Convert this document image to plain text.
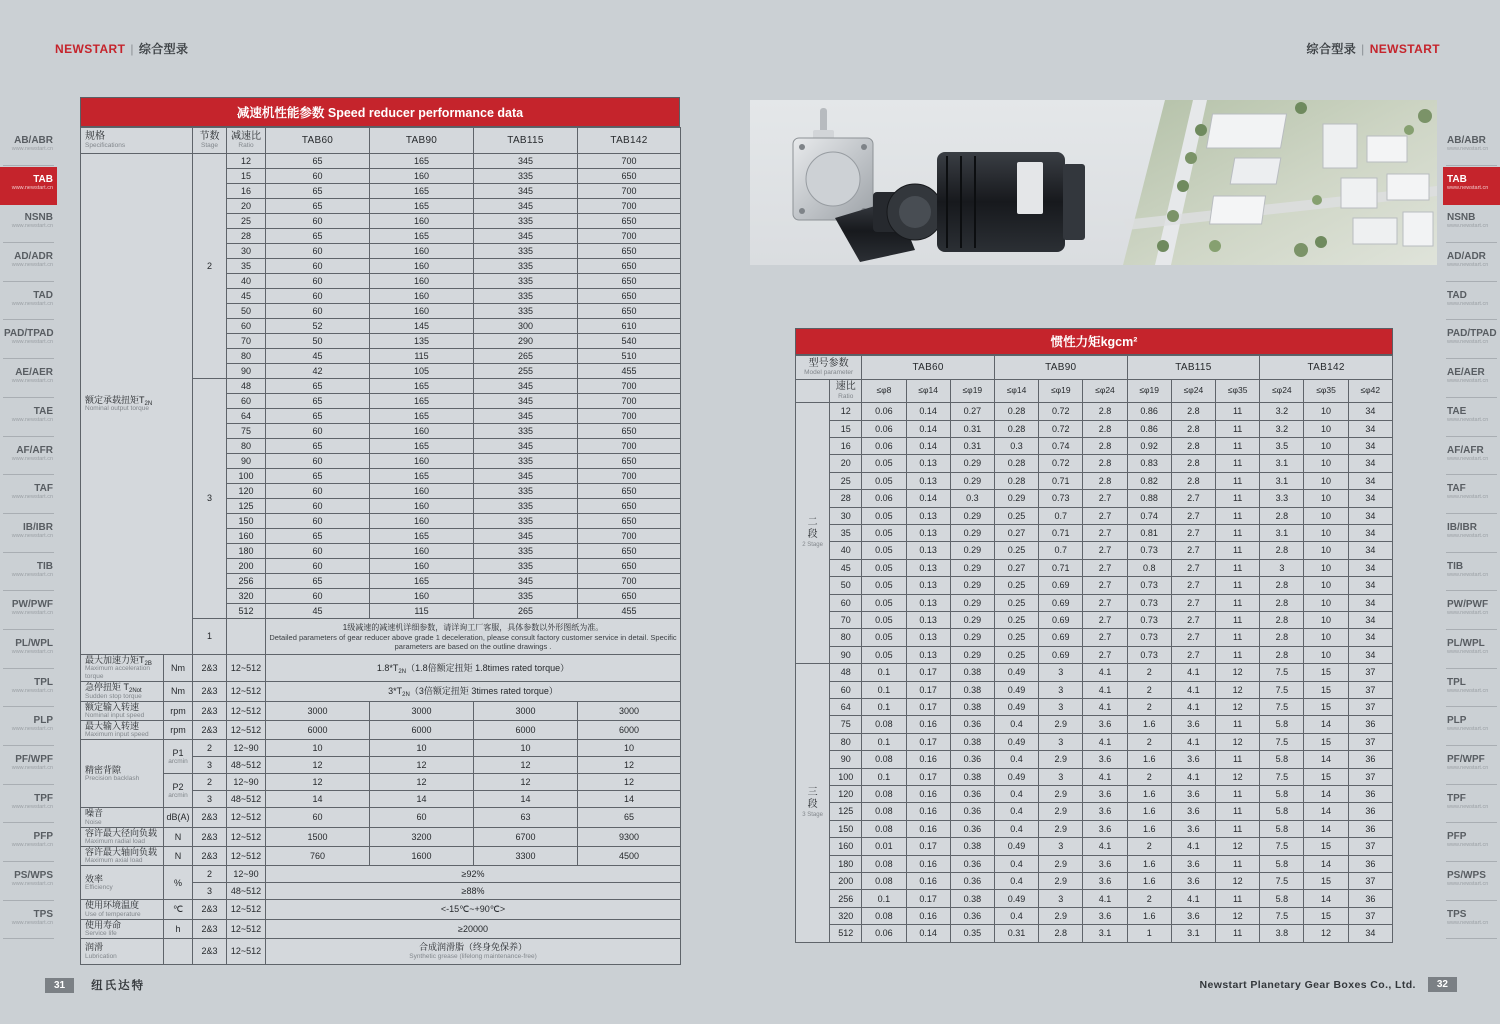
NEWSTART | 综合型录	综合型录 | NEWSTART
AB/ABR
www.newstart.cn
TAB
www.newstart.cn
NSNB
www.newstart.cn
AD/ADR
www.newstart.cn
TAD
www.newstart.cn
PAD/TPAD
www.newstart.cn
AE/AER
www.newstart.cn
TAE
www.newstart.cn
AF/AFR
www.newstart.cn
TAF
www.newstart.cn
IB/IBR
www.newstart.cn
TIB
www.newstart.cn
PW/PWF
www.newstart.cn
PL/WPL
www.newstart.cn
TPL
www.newstart.cn
PLP
www.newstart.cn
PF/WPF
www.newstart.cn
TPF
www.newstart.cn
PFP
www.newstart.cn
PS/WPS
www.newstart.cn
TPS
www.newstart.cn
AB/ABR
www.newstart.cn
TAB
www.newstart.cn
NSNB
www.newstart.cn
AD/ADR
www.newstart.cn
TAD
www.newstart.cn
PAD/TPAD
www.newstart.cn
AE/AER
www.newstart.cn
TAE
www.newstart.cn
AF/AFR
www.newstart.cn
TAF
www.newstart.cn
IB/IBR
www.newstart.cn
TIB
www.newstart.cn
PW/PWF
www.newstart.cn
PL/WPL
www.newstart.cn
TPL
www.newstart.cn
PLP
www.newstart.cn
PF/WPF
www.newstart.cn
TPF
www.newstart.cn
PFP
www.newstart.cn
PS/WPS
www.newstart.cn
TPS
www.newstart.cn
减速机性能参数 Speed reducer performance data
规格
Specifications		节数
Stage	减速比
Ratio	TAB60	TAB90	TAB115	TAB142
额定承载扭矩$T_{2N}$
Nominal output torque		2	12	65	165	345	700
			15	60	160	335	650
			16	65	165	345	700
			20	65	165	345	700
			25	60	160	335	650
			28	65	165	345	700
			30	60	160	335	650
			35	60	160	335	650
			40	60	160	335	650
			45	60	160	335	650
			50	60	160	335	650
			60	52	145	300	610
			70	50	135	290	540
			80	45	115	265	510
			90	42	105	255	455
		3	48	65	165	345	700
			60	65	165	345	700
			64	65	165	345	700
			75	60	160	335	650
			80	65	165	345	700
			90	60	160	335	650
			100	65	165	345	700
			120	60	160	335	650
			125	60	160	335	650
			150	60	160	335	650
			160	65	165	345	700
			180	60	160	335	650
			200	60	160	335	650
			256	65	165	345	700
			320	60	160	335	650
			512	45	115	265	455
		1		1级减速的减速机详细参数，请详询工厂客服，具体参数以外形图纸为准。
Detailed parameters of gear reducer above grade 1 deceleration, please consult factory customer service in detail. Specific parameters are based on the outline drawings .			

最大加速力矩$T_{2B}$
Maximum acceleration torque	Nm	2&3	12~512	$1.8*T_{2N}(1.8$倍额定扭矩 1.8times rated torque）			
急停扭矩 $T_{2Not}$
Sudden stop torque	Nm	2&3	12~512	$3*T_{2N}(3$倍额定扭矩 3times rated torque）			
额定输入转速
Nominal input speed	rpm	2&3	12~512	3000	3000	3000	3000
最大输入转速
Maximum input speed	rpm	2&3	12~512	6000	6000	6000	6000
精密背隙
Precision backlash	P1
arcmin	2	12~90	10	10	10	10
		3	48~512	12	12	12	12
	P2
arcmin	2	12~90	12	12	12	12
		3	48~512	14	14	14	14
噪音
Noise	dB(A)	2&3	12~512	60	60	63	65
容许最大径向负载
Maximum radial load	N	2&3	12~512	1500	3200	6700	9300
容许最大轴向负载
Maximum axial load	N	2&3	12~512	760	1600	3300	4500
效率
Efficiency	%	2	12~90	≥92%			
		3	48~512	≥88%			
使用环境温度
Use of temperature	℃	2&3	12~512	<-15℃~+90℃>			
使用寿命
Service life	h	2&3	12~512	≥20000			
润滑
Lubrication		2&3	12~512	合成润滑脂（终身免保养）
Synthetic grease (lifelong maintenance-free)			
惯性力矩kgcm²
型号参数
Model parameter		TAB60			TAB90			TAB115			TAB142		
	速比
Ratio	≤φ8	≤φ14	≤φ19	≤φ14	≤φ19	≤φ24	≤φ19	≤φ24	≤φ35	≤φ24	≤φ35	≤φ42

二
段
2 Stage	12	0.06	0.14	0.27	0.28	0.72	2.8	0.86	2.8	11	3.2	10	34
	15	0.06	0.14	0.31	0.28	0.72	2.8	0.86	2.8	11	3.2	10	34
	16	0.06	0.14	0.31	0.3	0.74	2.8	0.92	2.8	11	3.5	10	34
	20	0.05	0.13	0.29	0.28	0.72	2.8	0.83	2.8	11	3.1	10	34
	25	0.05	0.13	0.29	0.28	0.71	2.8	0.82	2.8	11	3.1	10	34
	28	0.06	0.14	0.3	0.29	0.73	2.7	0.88	2.7	11	3.3	10	34
	30	0.05	0.13	0.29	0.25	0.7	2.7	0.74	2.7	11	2.8	10	34
	35	0.05	0.13	0.29	0.27	0.71	2.7	0.81	2.7	11	3.1	10	34
	40	0.05	0.13	0.29	0.25	0.7	2.7	0.73	2.7	11	2.8	10	34
	45	0.05	0.13	0.29	0.27	0.71	2.7	0.8	2.7	11	3	10	34
	50	0.05	0.13	0.29	0.25	0.69	2.7	0.73	2.7	11	2.8	10	34
	60	0.05	0.13	0.29	0.25	0.69	2.7	0.73	2.7	11	2.8	10	34
	70	0.05	0.13	0.29	0.25	0.69	2.7	0.73	2.7	11	2.8	10	34
	80	0.05	0.13	0.29	0.25	0.69	2.7	0.73	2.7	11	2.8	10	34
	90	0.05	0.13	0.29	0.25	0.69	2.7	0.73	2.7	11	2.8	10	34

三
段
3 Stage	48	0.1	0.17	0.38	0.49	3	4.1	2	4.1	12	7.5	15	37
	60	0.1	0.17	0.38	0.49	3	4.1	2	4.1	12	7.5	15	37
	64	0.1	0.17	0.38	0.49	3	4.1	2	4.1	12	7.5	15	37
	75	0.08	0.16	0.36	0.4	2.9	3.6	1.6	3.6	11	5.8	14	36
	80	0.1	0.17	0.38	0.49	3	4.1	2	4.1	12	7.5	15	37
	90	0.08	0.16	0.36	0.4	2.9	3.6	1.6	3.6	11	5.8	14	36
	100	0.1	0.17	0.38	0.49	3	4.1	2	4.1	12	7.5	15	37
	120	0.08	0.16	0.36	0.4	2.9	3.6	1.6	3.6	11	5.8	14	36
	125	0.08	0.16	0.36	0.4	2.9	3.6	1.6	3.6	11	5.8	14	36
	150	0.08	0.16	0.36	0.4	2.9	3.6	1.6	3.6	11	5.8	14	36
	160	0.01	0.17	0.38	0.49	3	4.1	2	4.1	12	7.5	15	37
	180	0.08	0.16	0.36	0.4	2.9	3.6	1.6	3.6	11	5.8	14	36
	200	0.08	0.16	0.36	0.4	2.9	3.6	1.6	3.6	12	7.5	15	37
	256	0.1	0.17	0.38	0.49	3	4.1	2	4.1	11	5.8	14	36
	320	0.08	0.16	0.36	0.4	2.9	3.6	1.6	3.6	12	7.5	15	37
	512	0.06	0.14	0.35	0.31	2.8	3.1	1	3.1	11	3.8	12	34
31	纽氏达特	Newstart Planetary Gear Boxes Co., Ltd.	32
